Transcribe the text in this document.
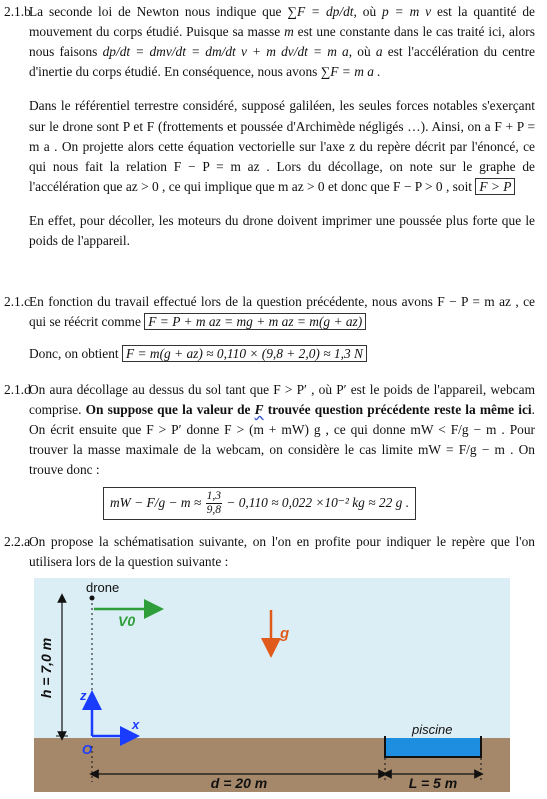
2.1.b

La seconde loi de Newton nous indique que ∑F = dp/dt, où p = m v est la quantité de mouvement du corps étudié. Puisque sa masse m est une constante dans le cas traité ici, alors nous faisons dp/dt = dmv/dt = dm/dt v + m dv/dt = m a, où a est l'accélération du centre d'inertie du corps étudié. En conséquence, nous avons ∑F = m a .

Dans le référentiel terrestre considéré, supposé galiléen, les seules forces notables s'exerçant sur le drone sont P et F (frottements et poussée d'Archimède négligés …). Ainsi, on a F + P = m a . On projette alors cette équation vectorielle sur l'axe z du repère décrit par l'énoncé, ce qui nous fait la relation F − P = m az . Lors du décollage, on note sur le graphe de l'accélération que az > 0 , ce qui implique que m az > 0 et donc que F − P > 0 , soit F > P

En effet, pour décoller, les moteurs du drone doivent imprimer une poussée plus forte que le poids de l'appareil.

2.1.c

En fonction du travail effectué lors de la question précédente, nous avons F − P = m az , ce qui se réécrit comme F = P + m az = mg + m az = m(g + az)

Donc, on obtient F = m(g + az) ≈ 0,110 × (9,8 + 2,0) ≈ 1,3 N

2.1.d

On aura décollage au dessus du sol tant que F > P′ , où P′ est le poids de l'appareil, webcam comprise. On suppose que la valeur de F trouvée question précédente reste la même ici. On écrit ensuite que F > P′ donne F > (m + mW) g , ce qui donne mW < F/g − m . Pour trouver la masse maximale de la webcam, on considère le cas limite mW = F/g − m . On trouve donc :

mW − $F/g - m \approx \frac{1,3}{9,8} - 0,110 \approx 0,022 \times 10^{-2}$ kg ≈ 22 g .
2.2.a

On propose la schématisation suivante, on l'on en profite pour indiquer le repère que l'on utilisera lors de la question suivante :

drone
V0
g
h = 7,0 m z
x
O
piscine
d = 20 m	L = 5 m
